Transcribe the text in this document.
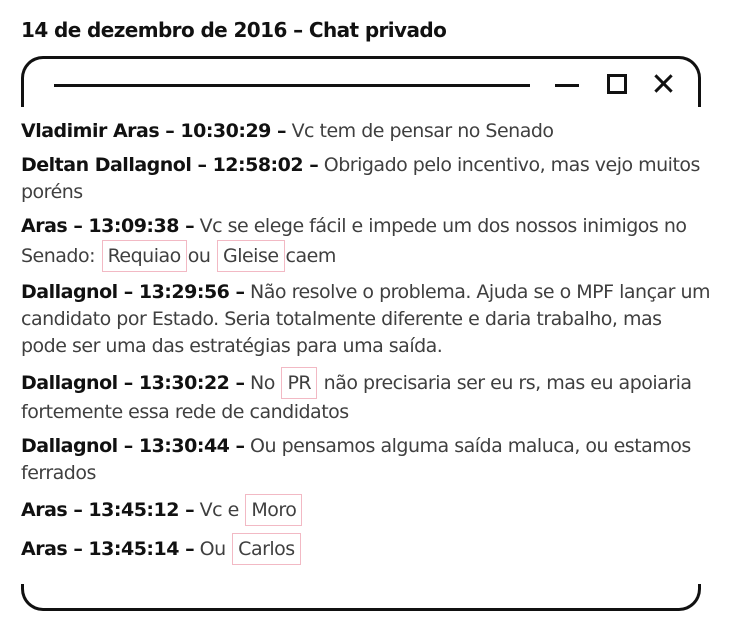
14 de dezembro de 2016 – Chat privado
Vladimir Aras – 10:30:29 – Vc tem de pensar no Senado
Deltan Dallagnol – 12:58:02 – Obrigado pelo incentivo, mas vejo muitos poréns
Aras – 13:09:38 – Vc se elege fácil e impede um dos nossos inimigos no Senado: Requiao ou Gleise caem
Dallagnol – 13:29:56 – Não resolve o problema. Ajuda se o MPF lançar um candidato por Estado. Seria totalmente diferente e daria trabalho, mas pode ser uma das estratégias para uma saída.
Dallagnol – 13:30:22 – No PR não precisaria ser eu rs, mas eu apoiaria fortemente essa rede de candidatos
Dallagnol – 13:30:44 – Ou pensamos alguma saída maluca, ou estamos ferrados
Aras – 13:45:12 – Vc e Moro
Aras – 13:45:14 – Ou Carlos
